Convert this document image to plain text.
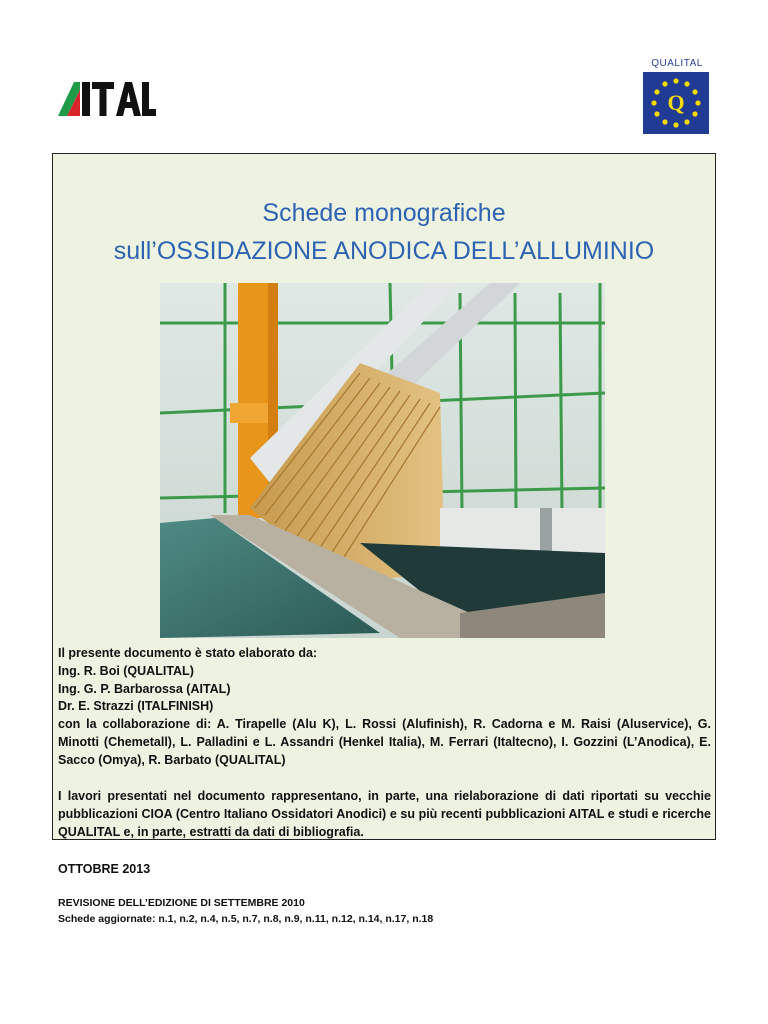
QUALITAL
Q
Schede monografiche
sull’OSSIDAZIONE ANODICA DELL’ALLUMINIO

Il presente documento è stato elaborato da:

Ing. R. Boi (QUALITAL)

Ing. G. P. Barbarossa (AITAL)

Dr. E. Strazzi (ITALFINISH)

con la collaborazione di: A. Tirapelle (Alu K), L. Rossi (Alufinish), R. Cadorna e M. Raisi (Aluservice), G. Minotti (Chemetall), L. Palladini e L. Assandri (Henkel Italia), M. Ferrari (Italtecno), I. Gozzini (L’Anodica), E. Sacco (Omya), R. Barbato (QUALITAL)

I lavori presentati nel documento rappresentano, in parte, una rielaborazione di dati riportati su vecchie pubblicazioni CIOA (Centro Italiano Ossidatori Anodici) e su più recenti pubblicazioni AITAL e studi e ricerche QUALITAL e, in parte, estratti da dati di bibliografia.
OTTOBRE 2013
REVISIONE DELL’EDIZIONE DI SETTEMBRE 2010
Schede aggiornate: n.1, n.2, n.4, n.5, n.7, n.8, n.9, n.11, n.12, n.14, n.17, n.18
